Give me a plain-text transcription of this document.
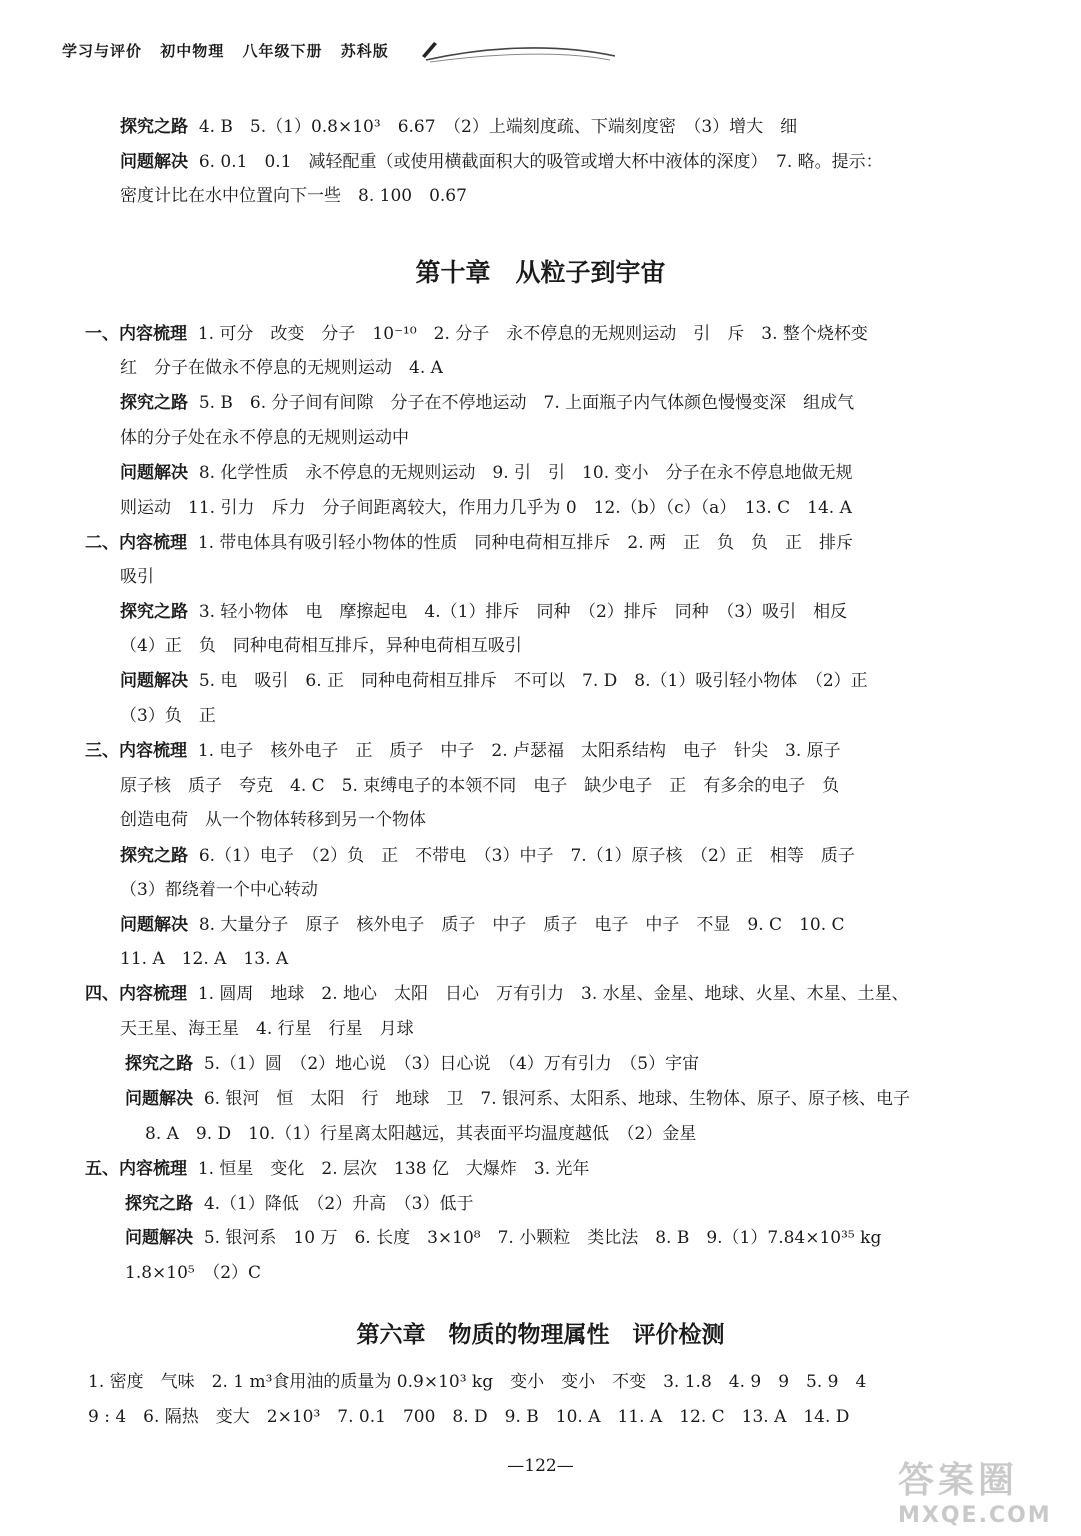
学习与评价 初中物理 八年级下册 苏科版
探究之路 4. B　5.（1）0.8×10³　6.67　（2）上端刻度疏、下端刻度密　（3）增大　细
问题解决 6. 0.1　0.1　减轻配重（或使用横截面积大的吸管或增大杯中液体的深度）　7. 略。提示：
密度计比在水中位置向下一些　8. 100　0.67
第十章　从粒子到宇宙
一、内容梳理 1. 可分　改变　分子　10⁻¹⁰　2. 分子　永不停息的无规则运动　引　斥　3. 整个烧杯变
红　分子在做永不停息的无规则运动　4. A
探究之路 5. B　6. 分子间有间隙　分子在不停地运动　7. 上面瓶子内气体颜色慢慢变深　组成气
体的分子处在永不停息的无规则运动中
问题解决 8. 化学性质　永不停息的无规则运动　9. 引　引　10. 变小　分子在永不停息地做无规
则运动　11. 引力　斥力　分子间距离较大，作用力几乎为 0　12.（b）（c）（a）　13. C　14. A
二、内容梳理 1. 带电体具有吸引轻小物体的性质　同种电荷相互排斥　2. 两　正　负　负　正　排斥
吸引
探究之路 3. 轻小物体　电　摩擦起电　4.（1）排斥　同种　（2）排斥　同种　（3）吸引　相反
（4）正　负　同种电荷相互排斥，异种电荷相互吸引
问题解决 5. 电　吸引　6. 正　同种电荷相互排斥　不可以　7. D　8.（1）吸引轻小物体　（2）正
（3）负　正
三、内容梳理 1. 电子　核外电子　正　质子　中子　2. 卢瑟福　太阳系结构　电子　针尖　3. 原子
原子核　质子　夸克　4. C　5. 束缚电子的本领不同　电子　缺少电子　正　有多余的电子　负
创造电荷　从一个物体转移到另一个物体
探究之路 6.（1）电子　（2）负　正　不带电　（3）中子　7.（1）原子核　（2）正　相等　质子
（3）都绕着一个中心转动
问题解决 8. 大量分子　原子　核外电子　质子　中子　质子　电子　中子　不显　9. C　10. C
11. A　12. A　13. A
四、内容梳理 1. 圆周　地球　2. 地心　太阳　日心　万有引力　3. 水星、金星、地球、火星、木星、土星、
天王星、海王星　4. 行星　行星　月球
探究之路 5.（1）圆　（2）地心说　（3）日心说　（4）万有引力　（5）宇宙
问题解决 6. 银河　恒　太阳　行　地球　卫　7. 银河系、太阳系、地球、生物体、原子、原子核、电子
8. A　9. D　10.（1）行星离太阳越远，其表面平均温度越低　（2）金星
五、内容梳理 1. 恒星　变化　2. 层次　138 亿　大爆炸　3. 光年
探究之路 4.（1）降低　（2）升高　（3）低于
问题解决 5. 银河系　10 万　6. 长度　3×10⁸　7. 小颗粒　类比法　8. B　9.（1）7.84×10³⁵ kg
1.8×10⁵　（2）C
第六章　物质的物理属性　评价检测
1. 密度　气味　2. 1 m³食用油的质量为 0.9×10³ kg　变小　变小　不变　3. 1.8　4. 9　9　5. 9　4
9 : 4　6. 隔热　变大　2×10³　7. 0.1　700　8. D　9. B　10. A　11. A　12. C　13. A　14. D
—122—	答案圈
MXQE.COM
